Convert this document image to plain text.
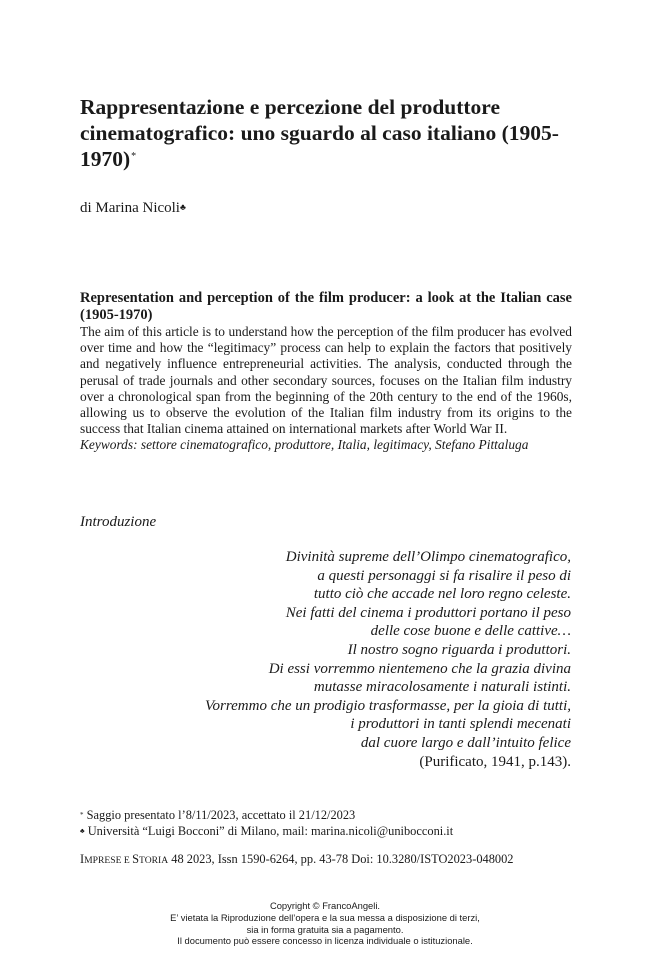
Rappresentazione e percezione del produttore cinematografico: uno sguardo al caso italiano (1905-1970)*
di Marina Nicoli♣

Representation and perception of the film producer: a look at the Italian case (1905-1970)

The aim of this article is to understand how the perception of the film producer has evolved over time and how the “legitimacy” process can help to explain the factors that positively and negatively influence entrepreneurial activities. The analysis, conducted through the perusal of trade journals and other secondary sources, focuses on the Italian film industry over a chronological span from the beginning of the 20th century to the end of the 1960s, allowing us to observe the evolution of the Italian film industry from its origins to the success that Italian cinema attained on international markets after World War II.

Keywords: settore cinematografico, produttore, Italia, legitimacy, Stefano Pittaluga

Introduzione
Divinità supreme dell’Olimpo cinematografico,
a questi personaggi si fa risalire il peso di
tutto ciò che accade nel loro regno celeste.
Nei fatti del cinema i produttori portano il peso
delle cose buone e delle cattive…
Il nostro sogno riguarda i produttori.
Di essi vorremmo nientemeno che la grazia divina
mutasse miracolosamente i naturali istinti.
Vorremmo che un prodigio trasformasse, per la gioia di tutti,
i produttori in tanti splendi mecenati
dal cuore largo e dall’intuito felice
(Purificato, 1941, p.143).
* Saggio presentato l’8/11/2023, accettato il 21/12/2023
♣ Università “Luigi Bocconi” di Milano, mail: marina.nicoli@unibocconi.it
IMPRESE E STORIA 48 2023, Issn 1590-6264, pp. 43-78 Doi: 10.3280/ISTO2023-048002
Copyright © FrancoAngeli.
E’ vietata la Riproduzione dell’opera e la sua messa a disposizione di terzi,
sia in forma gratuita sia a pagamento.
Il documento può essere concesso in licenza individuale o istituzionale.
